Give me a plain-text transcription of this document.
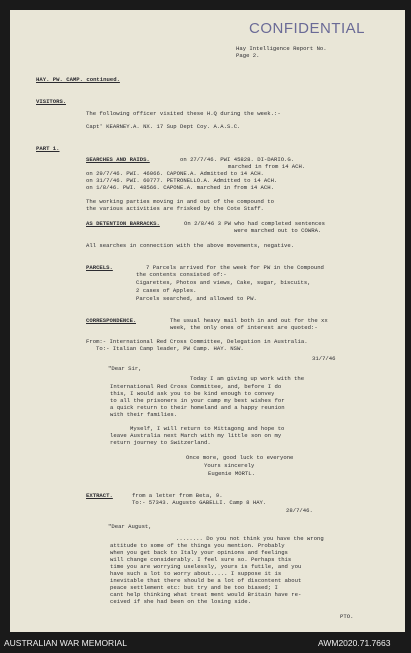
CONFIDENTIAL
Hay Intelligence Report No.
Page 2.
HAY. PW. CAMP. continued.
VISITORS.
The following officer visited these H.Q during the week.:-
Capt' KEARNEY.A. NX. 17 Sup Dept Coy. A.A.S.C.
PART 1.
SEARCHES AND RAIDS.	on 27/7/46. PWI 45828. DI-DARIO.G.
marched in from 14 ACH.
on 29/7/46. PWI. 46066. CAPONE.A. Admitted to 14 ACH.
on 31/7/46. PWI. 60777. PETRONELLO.A. Admitted to 14 ACH.
on 1/8/46. PWI. 48566. CAPONE.A. marched in from 14 ACH.
The working parties moving in and out of the compound to
the various activities are frisked by the Cote Staff.
AS DETENTION BARRACKS.	On 2/8/46 3 PW who had completed sentences
were marched out to COWRA.
All searches in connection with the above movements, negative.
PARCELS.	7 Parcels arrived for the week for PW in the Compound
the contents consisted of:-
Cigarettes, Photos and views, Cake, sugar, biscuits,
2 cases of Apples.
Parcels searched, and allowed to PW.
CORRESPONDENCE.	The usual heavy mail both in and out for the xx
week, the only ones of interest are quoted:-
From:- International Red Cross Committee, Delegation in Australia.
To:- Italian Camp leader, PW Camp. HAY. NSW.
31/7/46
"Dear Sir,
Today I am giving up work with the
International Red Cross Committee, and, before I do
this, I would ask you to be kind enough to convey
to all the prisoners in your camp my best wishes for
a quick return to their homeland and a happy reunion
with their families.
Myself, I will return to Mittagong and hope to
leave Australia next March with my little son on my
return journey to Switzerland.
Once more, good luck to everyone
Yours sincerely
Eugenie MORTL.
EXTRACT.	from a letter from Beta, 9.
To:- 57343. Augusto GABELLI. Camp 8 HAY.
28/7/46.
"Dear August,
........ Do you not think you have the wrong
attitude to some of the things you mention. Probably
when you get back to Italy your opinions and feelings
will change considerably. I feel sure so. Perhaps this
time you are worrying uselessly, yours is futile, and you
have such a lot to worry about..... I suppose it is
inevitable that there should be a lot of discontent about
peace settlement etc: but try and be too biased; I
cant help thinking what treat ment would Britain have re-
ceived if she had been on the losing side.
PTO.
AUSTRALIAN WAR MEMORIAL	AWM2020.71.7663
